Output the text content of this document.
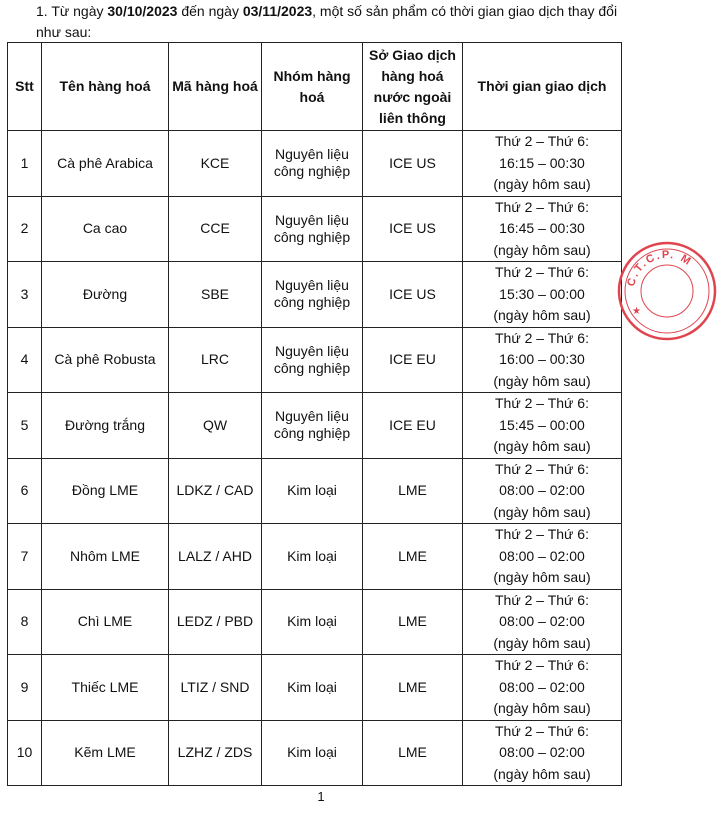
1. Từ ngày 30/10/2023 đến ngày 03/11/2023, một số sản phẩm có thời gian giao dịch thay đổi như sau:
Stt	Tên hàng hoá	Mã hàng hoá	Nhóm hàng hoá	Sở Giao dịch hàng hoá nước ngoài liên thông	Thời gian giao dịch
1	Cà phê Arabica	KCE	Nguyên liệu công nghiệp	ICE US	Thứ 2 – Thứ 6:
16:15 – 00:30
(ngày hôm sau)

2	Ca cao	CCE	Nguyên liệu công nghiệp	ICE US	Thứ 2 – Thứ 6:
16:45 – 00:30
(ngày hôm sau)

3	Đường	SBE	Nguyên liệu công nghiệp	ICE US	Thứ 2 – Thứ 6:
15:30 – 00:00
(ngày hôm sau)

4	Cà phê Robusta	LRC	Nguyên liệu công nghiệp	ICE EU	Thứ 2 – Thứ 6:
16:00 – 00:30
(ngày hôm sau)

5	Đường trắng	QW	Nguyên liệu công nghiệp	ICE EU	Thứ 2 – Thứ 6:
15:45 – 00:00
(ngày hôm sau)

6	Đồng LME	LDKZ / CAD	Kim loại	LME	Thứ 2 – Thứ 6:
08:00 – 02:00
(ngày hôm sau)

7	Nhôm LME	LALZ / AHD	Kim loại	LME	Thứ 2 – Thứ 6:
08:00 – 02:00
(ngày hôm sau)

8	Chì LME	LEDZ / PBD	Kim loại	LME	Thứ 2 – Thứ 6:
08:00 – 02:00
(ngày hôm sau)

9	Thiếc LME	LTIZ / SND	Kim loại	LME	Thứ 2 – Thứ 6:
08:00 – 02:00
(ngày hôm sau)

10	Kẽm LME	LZHZ / ZDS	Kim loại	LME	Thứ 2 – Thứ 6:
08:00 – 02:00
(ngày hôm sau)
1
C.T.C.P. M
★
